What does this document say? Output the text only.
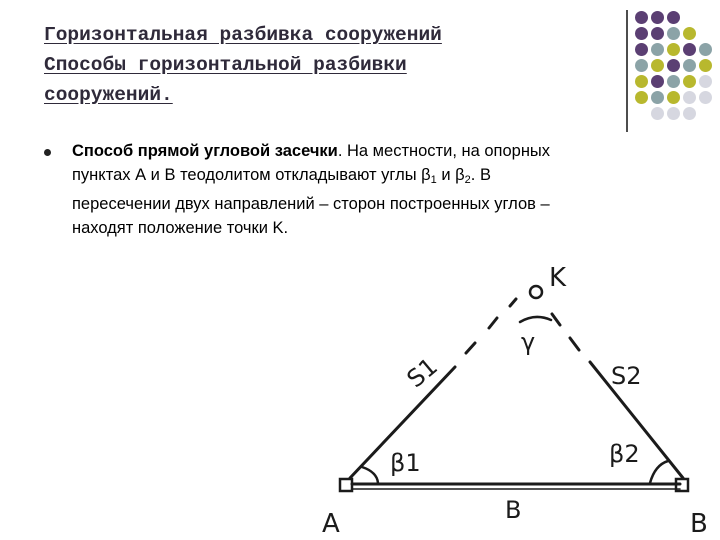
Горизонтальная разбивка сооружений
Способы горизонтальной разбивки
сооружений.
Способ прямой угловой засечки. На местности, на опорных
пунктах А и В теодолитом откладывают углы $\beta_1$ и $\beta_2$. В
пересечении двух направлений – сторон построенных углов –
находят положение точки K.
K
γ
S1	S2
β1	β2
A	B	B
